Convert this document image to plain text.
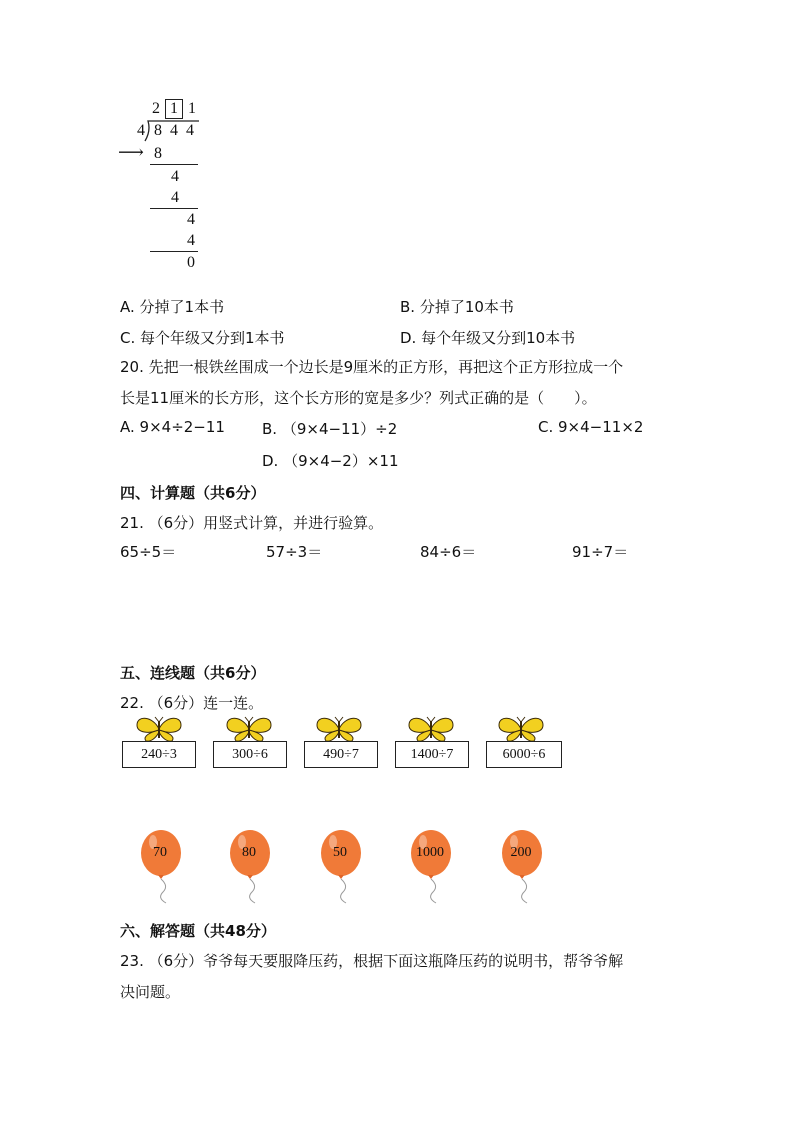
2 1 1
4 8 4 4
⟶ 8
4
4
4
4
0
A. 分掉了1本书	B. 分掉了10本书
C. 每个年级又分到1本书	D. 每个年级又分到10本书
20. 先把一根铁丝围成一个边长是9厘米的正方形，再把这个正方形拉成一个
长是11厘米的长方形，这个长方形的宽是多少？列式正确的是（　　）。
A. 9×4÷2−11 B. （9×4−11）÷2	C. 9×4−11×2
D. （9×4−2）×11
四、计算题（共6分）
21. （6分）用竖式计算，并进行验算。
65÷5＝	57÷3＝	84÷6＝	91÷7＝
五、连线题（共6分）
22. （6分）连一连。
240÷3	300÷6	490÷7	1400÷7	6000÷6
70	80	50	1000	200
六、解答题（共48分）
23. （6分）爷爷每天要服降压药，根据下面这瓶降压药的说明书，帮爷爷解
决问题。
